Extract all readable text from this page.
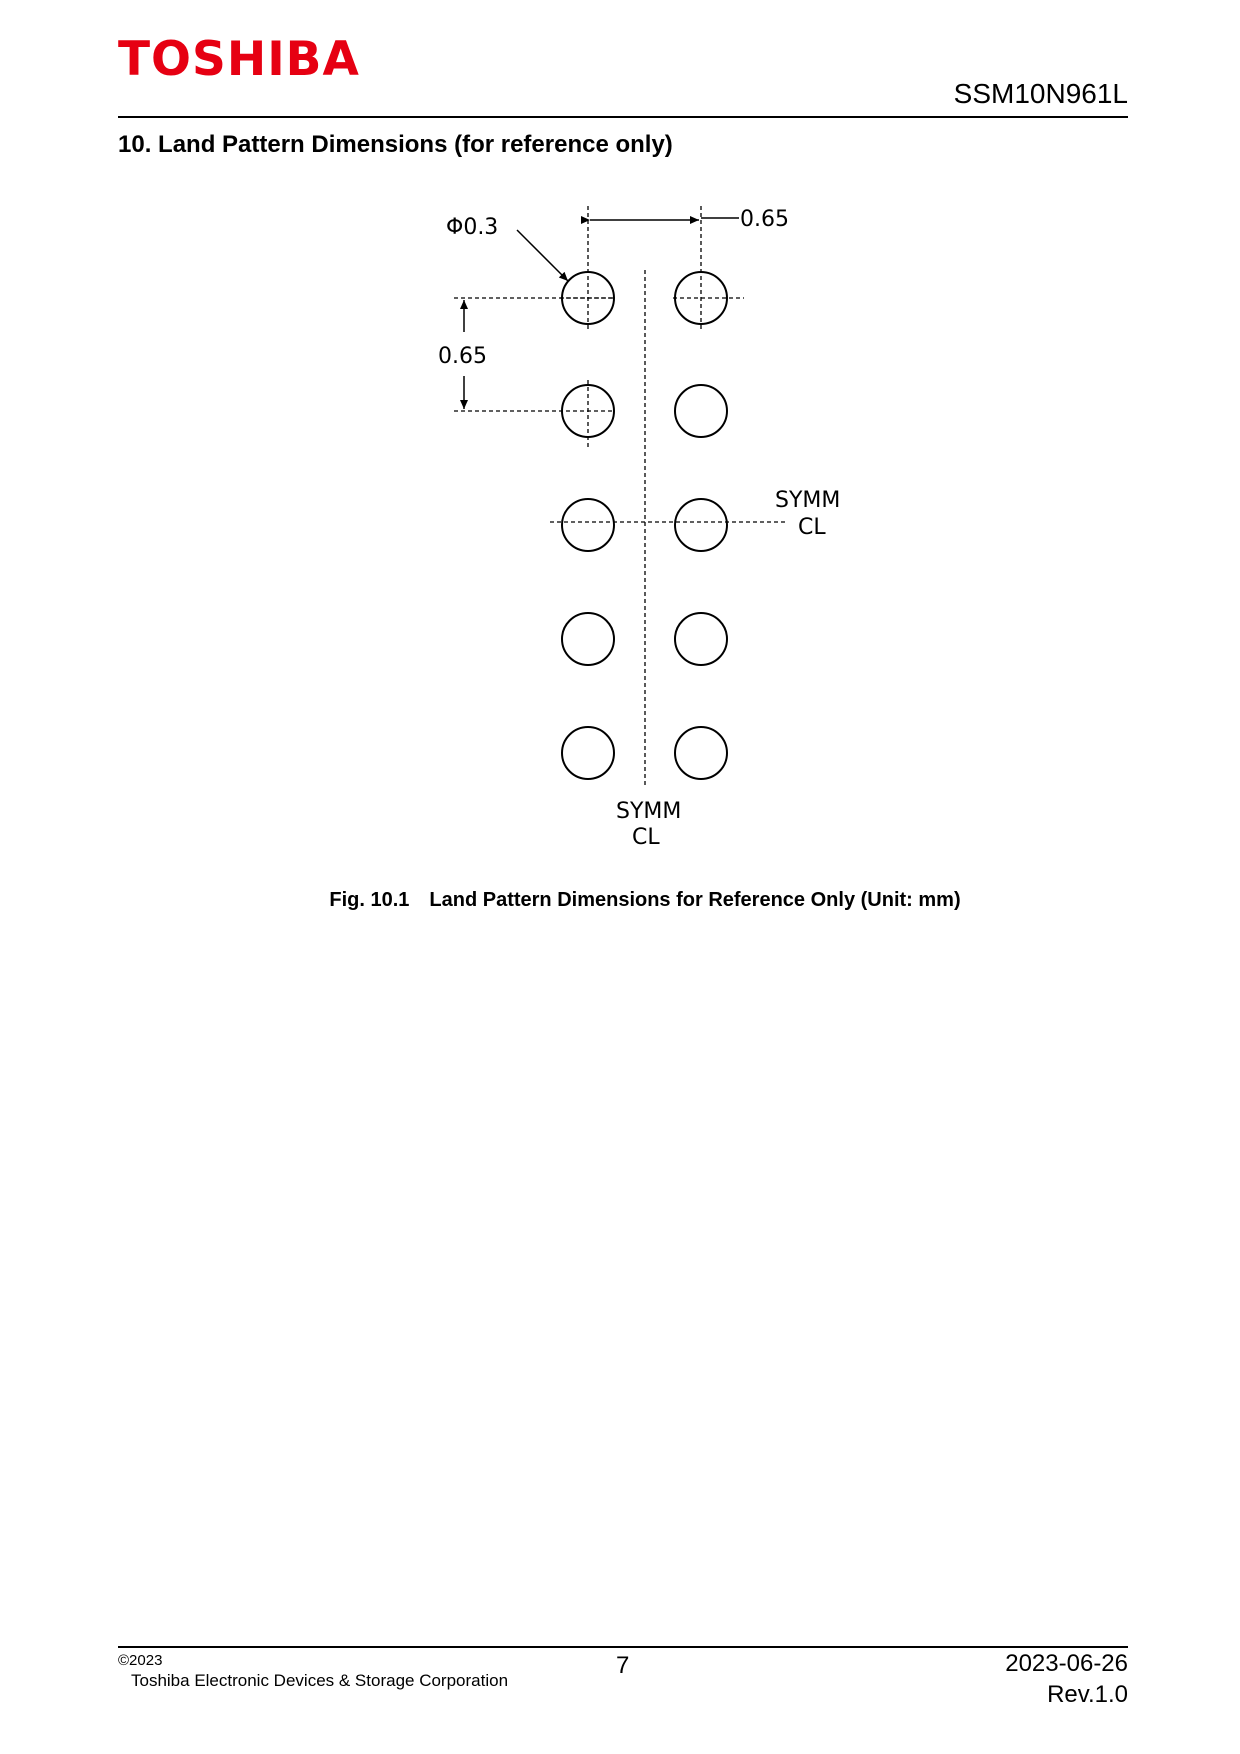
TOSHIBA
SSM10N961L
10. Land Pattern Dimensions (for reference only)
Φ0.3	0.65
0.65
SYMM
CL
SYMM
CL
Fig. 10.1 Land Pattern Dimensions for Reference Only (Unit: mm)
©2023
Toshiba Electronic Devices & Storage Corporation
7	2023-06-26
Rev.1.0
